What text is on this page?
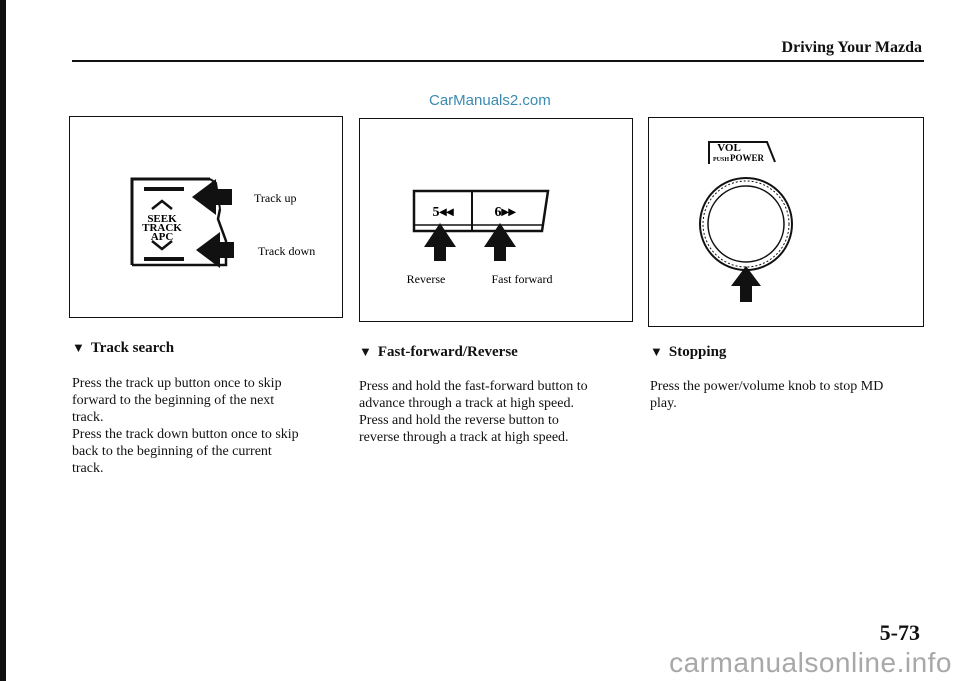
Driving Your Mazda
CarManuals2.com
SEEK
TRACK
APC
Track up
Track down
5◂◂	6▸▸
Reverse	Fast forward
VOL
PUSH POWER
▼ Track search	▼ Fast-forward/Reverse	▼ Stopping
Press the track up button once to skip
forward to the beginning of the next
track.
Press the track down button once to skip
back to the beginning of the current
track.
Press and hold the fast-forward button to
advance through a track at high speed.
Press and hold the reverse button to
reverse through a track at high speed.
Press the power/volume knob to stop MD
play.
5-73
carmanualsonline.info
